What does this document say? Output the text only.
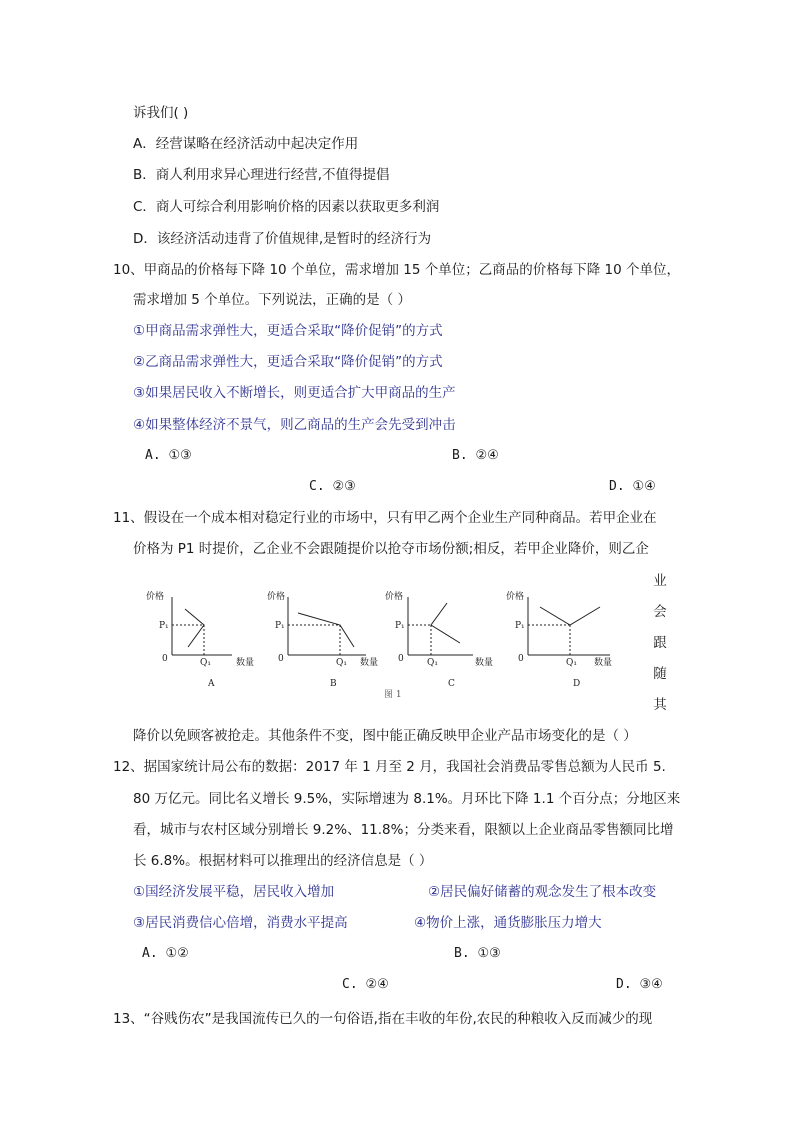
诉我们( )
A．经营谋略在经济活动中起决定作用
B．商人利用求异心理进行经营,不值得提倡
C．商人可综合利用影响价格的因素以获取更多利润
D．该经济活动违背了价值规律,是暂时的经济行为
10、甲商品的价格每下降 10 个单位，需求增加 15 个单位；乙商品的价格每下降 10 个单位，
需求增加 5 个单位。下列说法，正确的是（ ）
①甲商品需求弹性大，更适合采取“降价促销”的方式
②乙商品需求弹性大，更适合采取“降价促销”的方式
③如果居民收入不断增长，则更适合扩大甲商品的生产
④如果整体经济不景气，则乙商品的生产会先受到冲击
A. ①③	B. ②④
C. ②③	D. ①④
11、假设在一个成本相对稳定行业的市场中，只有甲乙两个企业生产同种商品。若甲企业在
价格为 P1 时提价，乙企业不会跟随提价以抢夺市场份额;相反，若甲企业降价，则乙企
业
会
跟
随
其
价格
P₁
0	Q₁	数量
A
价格
P₁
0	Q₁ 数量
B
价格
P₁
0	Q₁	数量
C
价格
P₁
0	Q₁ 数量
D
图 1
降价以免顾客被抢走。其他条件不变，图中能正确反映甲企业产品市场变化的是（ ）
12、据国家统计局公布的数据：2017 年 1 月至 2 月，我国社会消费品零售总额为人民币 5.
80 万亿元。同比名义增长 9.5%，实际增速为 8.1%。月环比下降 1.1 个百分点；分地区来
看，城市与农村区域分别增长 9.2%、11.8%；分类来看，限额以上企业商品零售额同比增
长 6.8%。根据材料可以推理出的经济信息是（ ）
①国经济发展平稳，居民收入增加	②居民偏好储蓄的观念发生了根本改变
③居民消费信心倍增，消费水平提高	④物价上涨，通货膨胀压力增大
A. ①②	B. ①③
C. ②④	D. ③④
13、“谷贱伤农”是我国流传已久的一句俗语,指在丰收的年份,农民的种粮收入反而减少的现
